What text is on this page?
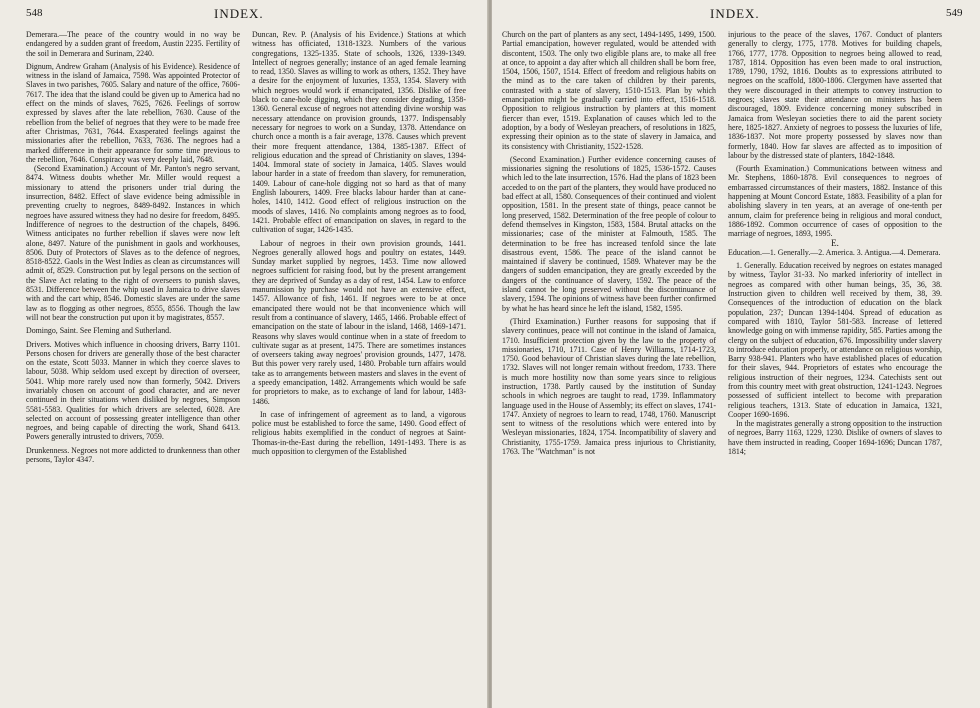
548	INDEX.

Demerara.—The peace of the country would in no way be endangered by a sudden grant of freedom, Austin 2235. Fertility of the soil in Demerara and Surinam, 2240.

Dignum, Andrew Graham (Analysis of his Evidence). Residence of witness in the island of Jamaica, 7598. Was appointed Protector of Slaves in two parishes, 7605. Salary and nature of the office, 7606-7617. The idea that the island could be given up to America had no effect on the minds of slaves, 7625, 7626. Feelings of sorrow expressed by slaves after the late rebellion, 7630. Cause of the rebellion from the belief of negroes that they were to be made free after Christmas, 7631, 7644. Exasperated feelings against the missionaries after the rebellion, 7633, 7636. The negroes had a marked difference in their appearance for some time previous to the rebellion, 7646. Conspiracy was very deeply laid, 7648.

(Second Examination.) Account of Mr. Panton's negro servant, 8474. Witness doubts whether Mr. Miller would request a missionary to attend the prisoners under trial during the insurrection, 8482. Effect of slave evidence being admissible in preventing cruelty to negroes, 8489-8492. Instances in which negroes have assured witness they had no desire for freedom, 8495. Indifference of negroes to the destruction of the chapels, 8496. Witness anticipates no further rebellion if slaves were now left alone, 8497. Nature of the punishment in gaols and workhouses, 8506. Duty of Protectors of Slaves as to the defence of negroes, 8518-8522. Gaols in the West Indies as clean as circumstances will admit of, 8529. Construction put by legal persons on the section of the Slave Act relating to the right of overseers to punish slaves, 8531. Difference between the whip used in Jamaica to drive slaves with and the cart whip, 8546. Domestic slaves are under the same law as to flogging as other negroes, 8555, 8556. Though the law will not bear the construction put upon it by magistrates, 8557.

Domingo, Saint. See Fleming and Sutherland.

Drivers. Motives which influence in choosing drivers, Barry 1101. Persons chosen for drivers are generally those of the best character on the estate, Scott 5033. Manner in which they coerce slaves to labour, 5038. Whip seldom used except by direction of overseer, 5041. Whip more rarely used now than formerly, 5042. Drivers invariably chosen on account of good character, and are never continued in their situations when disliked by negroes, Simpson 5581-5583. Qualities for which drivers are selected, 6028. Are selected on account of possessing greater intelligence than other negroes, and being capable of directing the work, Shand 6413. Powers generally intrusted to drivers, 7059.

Drunkenness. Negroes not more addicted to drunkenness than other persons, Taylor 4347.

Duncan, Rev. P. (Analysis of his Evidence.) Stations at which witness has officiated, 1318-1323. Numbers of the various congregations, 1325-1335. State of schools, 1326, 1339-1349. Intellect of negroes generally; instance of an aged female learning to read, 1350. Slaves as willing to work as others, 1352. They have a desire for the enjoyment of luxuries, 1353, 1354. Slavery with which negroes would work if emancipated, 1356. Dislike of free black to cane-hole digging, which they consider degrading, 1358-1360. General excuse of negroes not attending divine worship was necessary attendance on provision grounds, 1377. Indispensably necessary for negroes to work on a Sunday, 1378. Attendance on church once a month is a fair average, 1378. Causes which prevent their more frequent attendance, 1384, 1385-1387. Effect of religious education and the spread of Christianity on slaves, 1394-1404. Immoral state of society in Jamaica, 1405. Slaves would labour harder in a state of freedom than slavery, for remuneration, 1409. Labour of cane-hole digging not so hard as that of many English labourers, 1409. Free blacks labour harder than at cane-holes, 1410, 1412. Good effect of religious instruction on the moods of slaves, 1416. No complaints among negroes as to food, 1421. Probable effect of emancipation on slaves, in regard to the cultivation of sugar, 1426-1435.

Labour of negroes in their own provision grounds, 1441. Negroes generally allowed hogs and poultry on estates, 1449. Sunday market supplied by negroes, 1453. Time now allowed negroes sufficient for raising food, but by the present arrangement they are deprived of Sunday as a day of rest, 1454. Law to enforce manumission by purchase would not have an extensive effect, 1457. Allowance of fish, 1461. If negroes were to be at once emancipated there would not be that inconvenience which will result from a continuance of slavery, 1465, 1466. Probable effect of emancipation on the state of labour in the island, 1468, 1469-1471. Reasons why slaves would continue when in a state of freedom to cultivate sugar as at present, 1475. There are sometimes instances of overseers taking away negroes' provision grounds, 1477, 1478. But this power very rarely used, 1480. Probable turn affairs would take as to arrangements between masters and slaves in the event of a speedy emancipation, 1482. Arrangements which would be safe for proprietors to make, as to exchange of land for labour, 1483-1486.

In case of infringement of agreement as to land, a vigorous police must be established to force the same, 1490. Good effect of religious habits exemplified in the conduct of negroes at Saint-Thomas-in-the-East during the rebellion, 1491-1493. There is as much opposition to clergymen of the Established

INDEX.	549

Church on the part of planters as any sect, 1494-1495, 1499, 1500. Partial emancipation, however regulated, would be attended with discontent, 1503. The only two eligible plans are, to make all free at once, to appoint a day after which all children shall be born free, 1504, 1506, 1507, 1514. Effect of freedom and religious habits on the mind as to the care taken of children by their parents, contrasted with a state of slavery, 1510-1513. Plan by which emancipation might be gradually carried into effect, 1516-1518. Opposition to religious instruction by planters at this moment fiercer than ever, 1519. Explanation of causes which led to the adoption, by a body of Wesleyan preachers, of resolutions in 1825, expressing their opinion as to the state of slavery in Jamaica, and its consistency with Christianity, 1522-1528.

(Second Examination.) Further evidence concerning causes of missionaries signing the resolutions of 1825, 1536-1572. Causes which led to the late insurrection, 1576. Had the plans of 1823 been acceded to on the part of the planters, they would have produced no bad effect at all, 1580. Consequences of their continued and violent opposition, 1581. In the present state of things, peace cannot be long preserved, 1582. Determination of the free people of colour to defend themselves in Kingston, 1583, 1584. Brutal attacks on the missionaries; case of the minister at Falmouth, 1585. The determination to be free has increased tenfold since the late disastrous event, 1586. The peace of the island cannot be maintained if slavery be continued, 1589. Whatever may be the dangers of sudden emancipation, they are greatly exceeded by the dangers of the continuance of slavery, 1592. The peace of the island cannot be long preserved without the discontinuance of slavery, 1594. The opinions of witness have been further confirmed by what he has heard since he left the island, 1582, 1595.

(Third Examination.) Further reasons for supposing that if slavery continues, peace will not continue in the island of Jamaica, 1710. Insufficient protection given by the law to the property of missionaries, 1710, 1711. Case of Henry Williams, 1714-1723, 1750. Good behaviour of Christian slaves during the late rebellion, 1732. Slaves will not longer remain without freedom, 1733. There is much more hostility now than some years since to religious instruction, 1738. Partly caused by the institution of Sunday schools in which negroes are taught to read, 1739. Inflammatory language used in the House of Assembly; its effect on slaves, 1741-1747. Anxiety of negroes to learn to read, 1748, 1760. Manuscript sent to witness of the resolutions which were entered into by Wesleyan missionaries, 1824, 1754. Incompatibility of slavery and Christianity, 1755-1759. Jamaica press injurious to Christianity, 1763. The "Watchman" is not

injurious to the peace of the slaves, 1767. Conduct of planters generally to clergy, 1775, 1778. Motives for building chapels, 1766, 1777, 1778. Opposition to negroes being allowed to read, 1787, 1814. Opposition has even been made to oral instruction, 1789, 1790, 1792, 1816. Doubts as to expressions attributed to negroes on the scaffold, 1800-1806. Clergymen have asserted that they were discouraged in their attempts to convey instruction to negroes; slaves state their attendance on ministers has been discouraged, 1809. Evidence concerning money subscribed in Jamaica from Wesleyan societies there to aid the parent society here, 1825-1827. Anxiety of negroes to possess the luxuries of life, 1836-1837. Not more property possessed by slaves now than formerly, 1840. How far slaves are affected as to imposition of labour by the distressed state of planters, 1842-1848.

(Fourth Examination.) Communications between witness and Mr. Stephens, 1860-1878. Evil consequences to negroes of embarrassed circumstances of their masters, 1882. Instance of this happening at Mount Concord Estate, 1883. Feasibility of a plan for abolishing slavery in ten years, at an average of one-tenth per annum, claim for preference being in religious and moral conduct, 1886-1892. Common occurrence of cases of opposition to the marriage of negroes, 1893, 1995.

E.

Education.—1. Generally.—2. America. 3. Antigua.—4. Demerara.

1. Generally. Education received by negroes on estates managed by witness, Taylor 31-33. No marked inferiority of intellect in negroes as compared with other human beings, 35, 36, 38. Instruction given to children well received by them, 38, 39. Consequences of the introduction of education on the black population, 237; Duncan 1394-1404. Spread of education as compared with 1810, Taylor 581-583. Increase of lettered knowledge going on with immense rapidity, 585. Parties among the clergy on the subject of education, 676. Impossibility under slavery to introduce education properly, or attendance on religious worship, Barry 938-941. Planters who have established places of education for their slaves, 944. Proprietors of estates who encourage the religious instruction of their negroes, 1234. Catechists sent out from this country meet with great obstruction, 1241-1243. Negroes possessed of sufficient intellect to become with preparation religious teachers, 1313. State of education in Jamaica, 1321, Cooper 1690-1696.

In the magistrates generally a strong opposition to the instruction of negroes, Barry 1163, 1229, 1230. Dislike of owners of slaves to have them instructed in reading, Cooper 1694-1696; Duncan 1787, 1814;
